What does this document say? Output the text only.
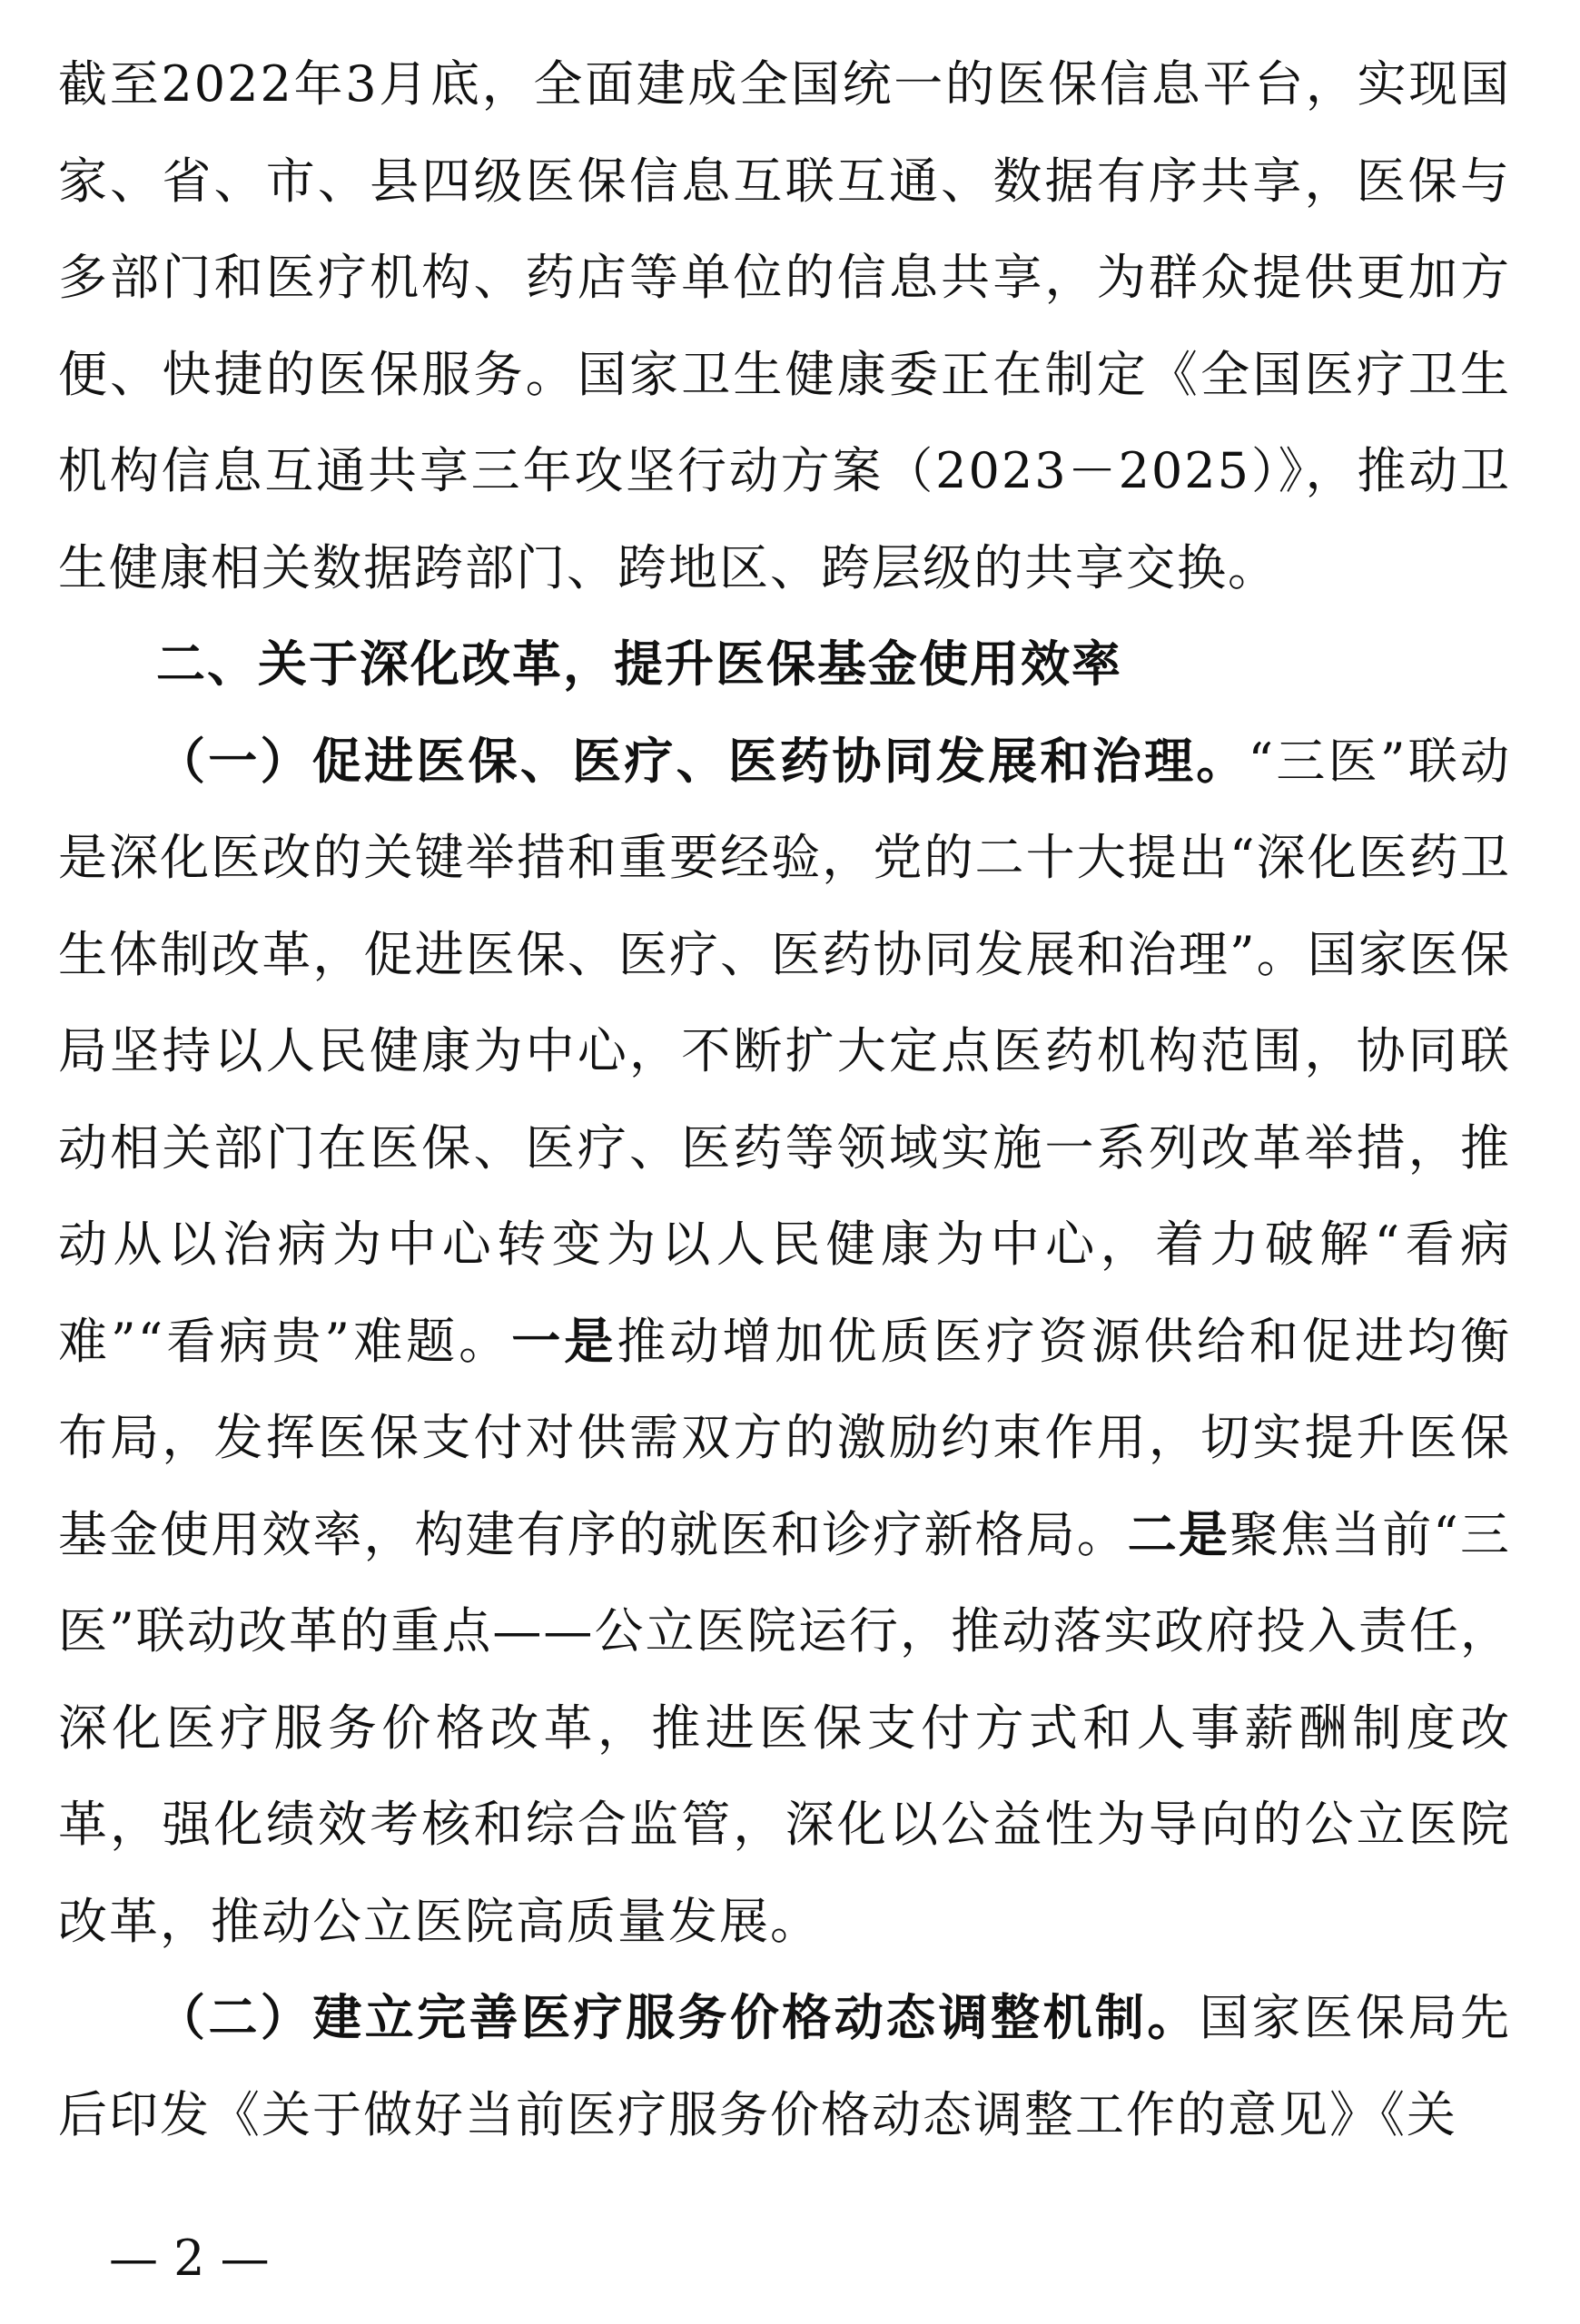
截至2022年3月底，全面建成全国统一的医保信息平台，实现国家、省、市、县四级医保信息互联互通、数据有序共享，医保与多部门和医疗机构、药店等单位的信息共享，为群众提供更加方便、快捷的医保服务。国家卫生健康委正在制定《全国医疗卫生机构信息互通共享三年攻坚行动方案（2023－2025）》，推动卫生健康相关数据跨部门、跨地区、跨层级的共享交换。

二、关于深化改革，提升医保基金使用效率

（一）促进医保、医疗、医药协同发展和治理。“三医”联动是深化医改的关键举措和重要经验，党的二十大提出“深化医药卫生体制改革，促进医保、医疗、医药协同发展和治理”。国家医保局坚持以人民健康为中心，不断扩大定点医药机构范围，协同联动相关部门在医保、医疗、医药等领域实施一系列改革举措，推动从以治病为中心转变为以人民健康为中心，着力破解“看病难”“看病贵”难题。一是推动增加优质医疗资源供给和促进均衡布局，发挥医保支付对供需双方的激励约束作用，切实提升医保基金使用效率，构建有序的就医和诊疗新格局。二是聚焦当前“三医”联动改革的重点——公立医院运行，推动落实政府投入责任，深化医疗服务价格改革，推进医保支付方式和人事薪酬制度改革，强化绩效考核和综合监管，深化以公益性为导向的公立医院改革，推动公立医院高质量发展。

（二）建立完善医疗服务价格动态调整机制。国家医保局先后印发《关于做好当前医疗服务价格动态调整工作的意见》《关

— 2 —
